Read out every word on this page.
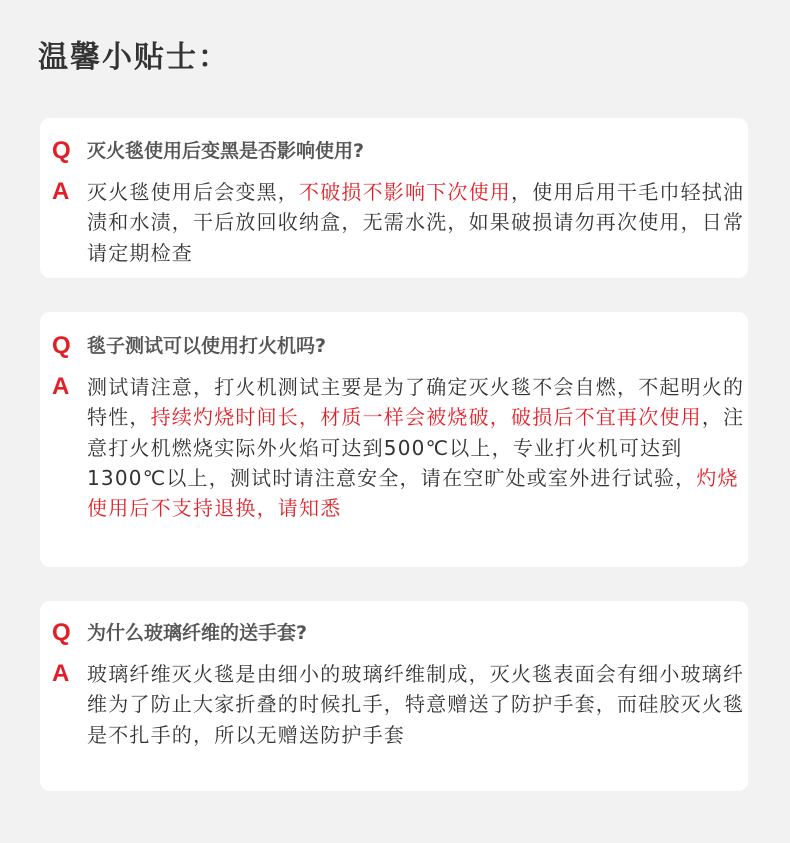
温馨小贴士：
Q 灭火毯使用后变黑是否影响使用?
A 灭火毯使用后会变黑，不破损不影响下次使用，使用后用干毛巾轻拭油渍和水渍，干后放回收纳盒，无需水洗，如果破损请勿再次使用，日常请定期检查
Q 毯子测试可以使用打火机吗?
A 测试请注意，打火机测试主要是为了确定灭火毯不会自燃，不起明火的特性，持续灼烧时间长，材质一样会被烧破，破损后不宜再次使用，注意打火机燃烧实际外火焰可达到500℃以上，专业打火机可达到1300℃以上，测试时请注意安全，请在空旷处或室外进行试验，灼烧使用后不支持退换，请知悉
Q 为什么玻璃纤维的送手套?
A 玻璃纤维灭火毯是由细小的玻璃纤维制成，灭火毯表面会有细小玻璃纤维为了防止大家折叠的时候扎手，特意赠送了防护手套，而硅胶灭火毯是不扎手的，所以无赠送防护手套
